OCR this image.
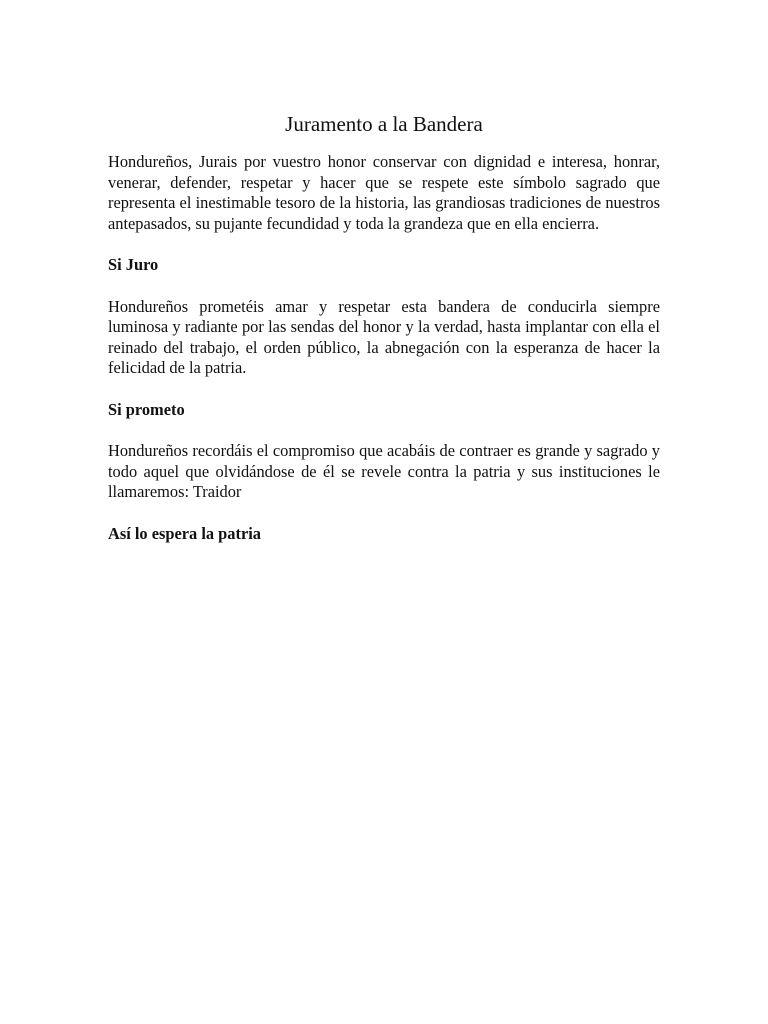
Juramento a la Bandera

Hondureños, Jurais por vuestro honor conservar con dignidad e interesa, honrar, venerar, defender, respetar y hacer que se respete este símbolo sagrado que representa el inestimable tesoro de la historia, las grandiosas tradiciones de nuestros antepasados, su pujante fecundidad y toda la grandeza que en ella encierra.

Si Juro

Hondureños prometéis amar y respetar esta bandera de conducirla siempre luminosa y radiante por las sendas del honor y la verdad, hasta implantar con ella el reinado del trabajo, el orden público, la abnegación con la esperanza de hacer la felicidad de la patria.

Si prometo

Hondureños recordáis el compromiso que acabáis de contraer es grande y sagrado y todo aquel que olvidándose de él se revele contra la patria y sus instituciones le llamaremos: Traidor

Así lo espera la patria
